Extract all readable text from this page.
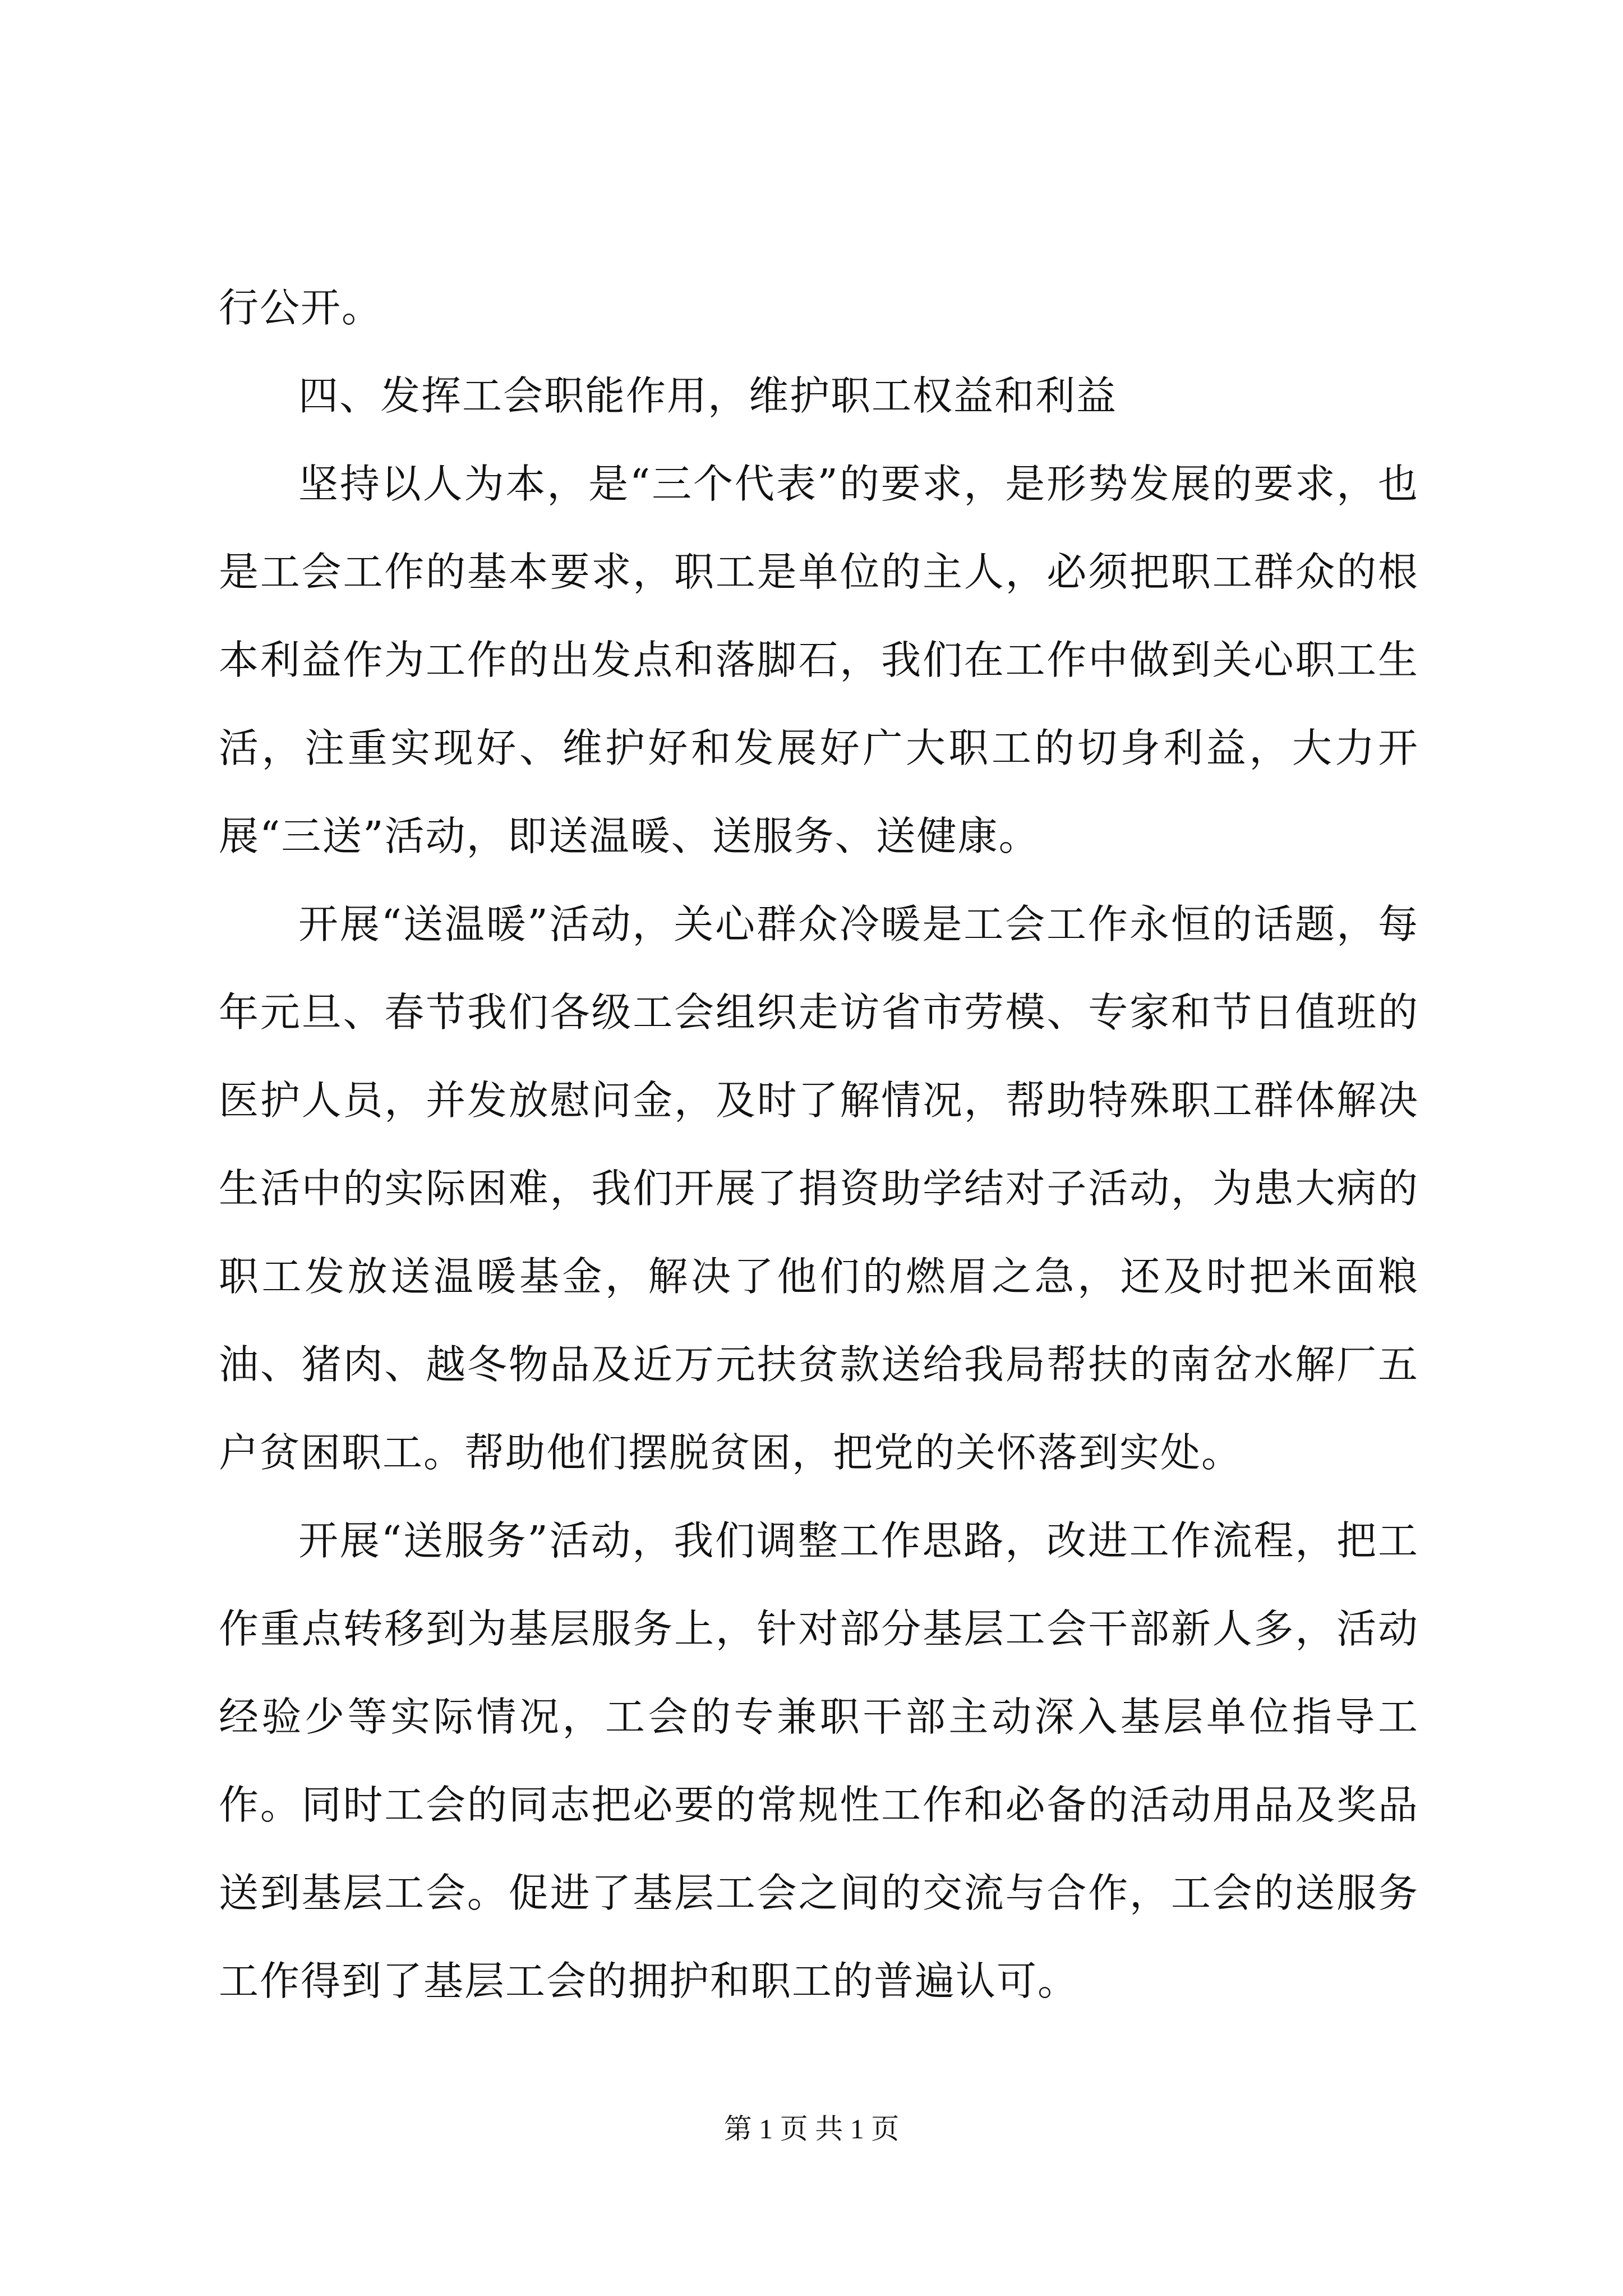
行公开。

四、发挥工会职能作用，维护职工权益和利益

坚持以人为本，是“三个代表”的要求，是形势发展的要求，也是工会工作的基本要求，职工是单位的主人，必须把职工群众的根本利益作为工作的出发点和落脚石，我们在工作中做到关心职工生活，注重实现好、维护好和发展好广大职工的切身利益，大力开展“三送”活动，即送温暖、送服务、送健康。

开展“送温暖”活动，关心群众冷暖是工会工作永恒的话题，每年元旦、春节我们各级工会组织走访省市劳模、专家和节日值班的医护人员，并发放慰问金，及时了解情况，帮助特殊职工群体解决生活中的实际困难，我们开展了捐资助学结对子活动，为患大病的职工发放送温暖基金，解决了他们的燃眉之急，还及时把米面粮油、猪肉、越冬物品及近万元扶贫款送给我局帮扶的南岔水解厂五户贫困职工。帮助他们摆脱贫困，把党的关怀落到实处。

开展“送服务”活动，我们调整工作思路，改进工作流程，把工作重点转移到为基层服务上，针对部分基层工会干部新人多，活动经验少等实际情况，工会的专兼职干部主动深入基层单位指导工作。同时工会的同志把必要的常规性工作和必备的活动用品及奖品送到基层工会。促进了基层工会之间的交流与合作，工会的送服务工作得到了基层工会的拥护和职工的普遍认可。

第 1 页 共 1 页
